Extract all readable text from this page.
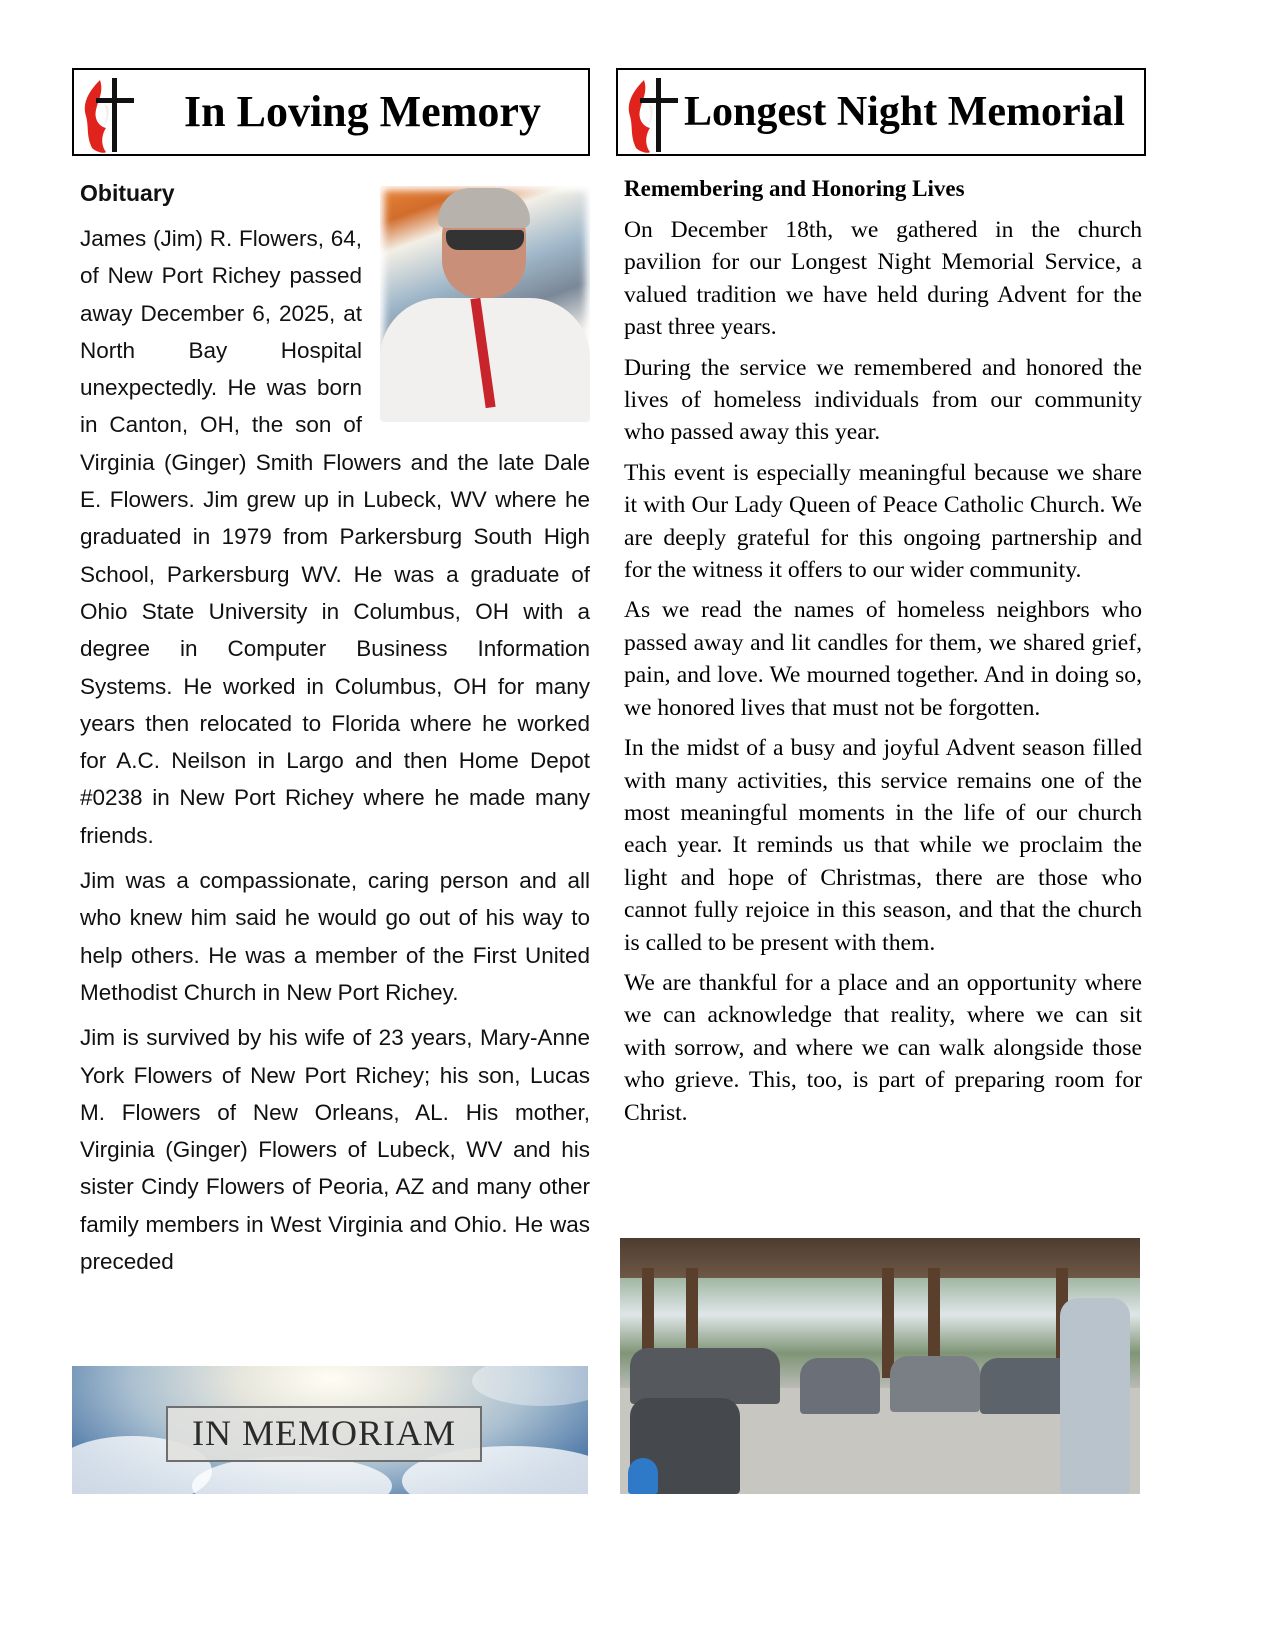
In Loving Memory
Obituary

James (Jim) R. Flowers, 64, of New Port Richey passed away December 6, 2025, at North Bay Hospital unexpectedly. He was born in Canton, OH, the son of Virginia (Ginger) Smith Flowers and the late Dale E. Flowers. Jim grew up in Lubeck, WV where he graduated in 1979 from Parkersburg South High School, Parkersburg WV. He was a graduate of Ohio State University in Columbus, OH with a degree in Computer Business Information Systems. He worked in Columbus, OH for many years then relocated to Florida where he worked for A.C. Neilson in Largo and then Home Depot #0238 in New Port Richey where he made many friends.

Jim was a compassionate, caring person and all who knew him said he would go out of his way to help others. He was a member of the First United Methodist Church in New Port Richey.

Jim is survived by his wife of 23 years, Mary-Anne York Flowers of New Port Richey; his son, Lucas M. Flowers of New Orleans, AL. His mother, Virginia (Ginger) Flowers of Lubeck, WV and his sister Cindy Flowers of Peoria, AZ and many other family members in West Virginia and Ohio. He was preceded

IN MEMORIAM
Longest Night Memorial
Remembering and Honoring Lives

On December 18th, we gathered in the church pavilion for our Longest Night Memorial Service, a valued tradition we have held during Advent for the past three years.

During the service we remembered and honored the lives of homeless individuals from our community who passed away this year.

This event is especially meaningful because we share it with Our Lady Queen of Peace Catholic Church. We are deeply grateful for this ongoing partnership and for the witness it offers to our wider community.

As we read the names of homeless neighbors who passed away and lit candles for them, we shared grief, pain, and love. We mourned together. And in doing so, we honored lives that must not be forgotten.

In the midst of a busy and joyful Advent season filled with many activities, this service remains one of the most meaningful moments in the life of our church each year. It reminds us that while we proclaim the light and hope of Christmas, there are those who cannot fully rejoice in this season, and that the church is called to be present with them.

We are thankful for a place and an opportunity where we can acknowledge that reality, where we can sit with sorrow, and where we can walk alongside those who grieve. This, too, is part of preparing room for Christ.
